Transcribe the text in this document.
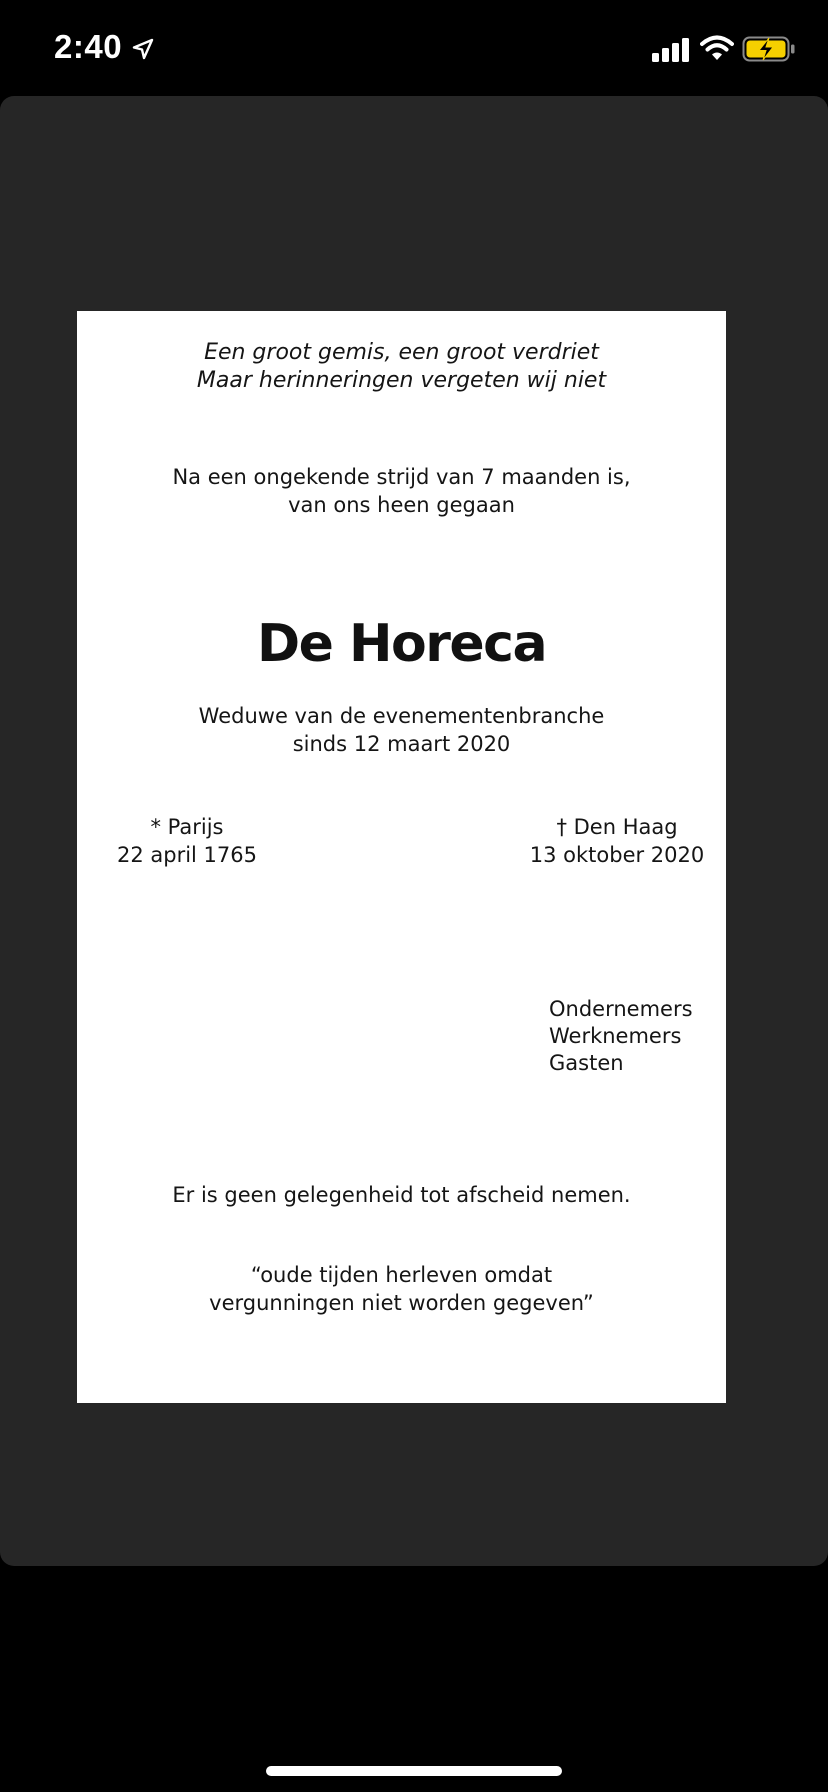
2:40
Een groot gemis, een groot verdriet
Maar herinneringen vergeten wij niet
Na een ongekende strijd van 7 maanden is,
van ons heen gegaan
De Horeca
Weduwe van de evenementenbranche
sinds 12 maart 2020
* Parijs
22 april 1765
† Den Haag
13 oktober 2020
Ondernemers
Werknemers
Gasten
Er is geen gelegenheid tot afscheid nemen.
“oude tijden herleven omdat
vergunningen niet worden gegeven”
